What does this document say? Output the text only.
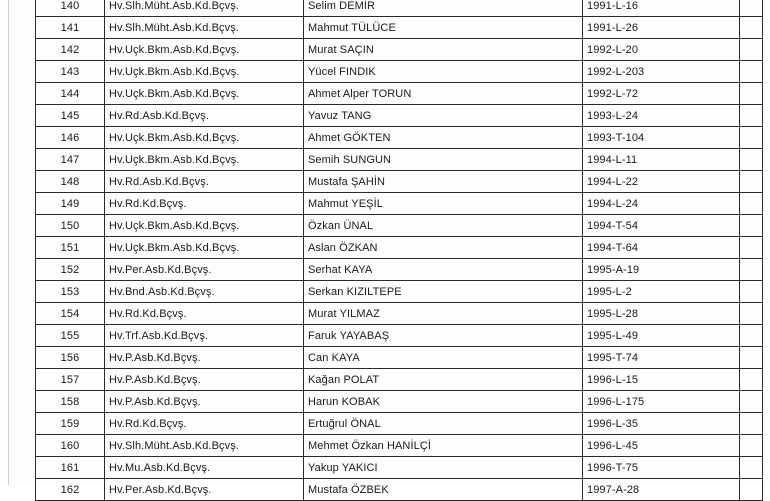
140	Hv.Slh.Müht.Asb.Kd.Bçvş.	Selim DEMİR	1991-L-16	
141	Hv.Slh.Müht.Asb.Kd.Bçvş.	Mahmut TÜLÜCE	1991-L-26	
142	Hv.Uçk.Bkm.Asb.Kd.Bçvş.	Murat SAÇIN	1992-L-20	
143	Hv.Uçk.Bkm.Asb.Kd.Bçvş.	Yücel FINDIK	1992-L-203	
144	Hv.Uçk.Bkm.Asb.Kd.Bçvş.	Ahmet Alper TORUN	1992-L-72	
145	Hv.Rd.Asb.Kd.Bçvş.	Yavuz TANG	1993-L-24	
146	Hv.Uçk.Bkm.Asb.Kd.Bçvş.	Ahmet GÖKTEN	1993-T-104	
147	Hv.Uçk.Bkm.Asb.Kd.Bçvş.	Semih SUNGUN	1994-L-11	
148	Hv.Rd.Asb.Kd.Bçvş.	Mustafa ŞAHİN	1994-L-22	
149	Hv.Rd.Kd.Bçvş.	Mahmut YEŞİL	1994-L-24	
150	Hv.Uçk.Bkm.Asb.Kd.Bçvş.	Özkan ÜNAL	1994-T-54	
151	Hv.Uçk.Bkm.Asb.Kd.Bçvş.	Aslan ÖZKAN	1994-T-64	
152	Hv.Per.Asb.Kd.Bçvş.	Serhat KAYA	1995-A-19	
153	Hv.Bnd.Asb.Kd.Bçvş.	Serkan KIZILTEPE	1995-L-2	
154	Hv.Rd.Kd.Bçvş.	Murat YILMAZ	1995-L-28	
155	Hv.Trf.Asb.Kd.Bçvş.	Faruk YAYABAŞ	1995-L-49	
156	Hv.P.Asb.Kd.Bçvş.	Can KAYA	1995-T-74	
157	Hv.P.Asb.Kd.Bçvş.	Kağan POLAT	1996-L-15	
158	Hv.P.Asb.Kd.Bçvş.	Harun KOBAK	1996-L-175	
159	Hv.Rd.Kd.Bçvş.	Ertuğrul ÖNAL	1996-L-35	
160	Hv.Slh.Müht.Asb.Kd.Bçvş.	Mehmet Özkan HANİLÇİ	1996-L-45	
161	Hv.Mu.Asb.Kd.Bçvş.	Yakup YAKICI	1996-T-75	
162	Hv.Per.Asb.Kd.Bçvş.	Mustafa ÖZBEK	1997-A-28	
